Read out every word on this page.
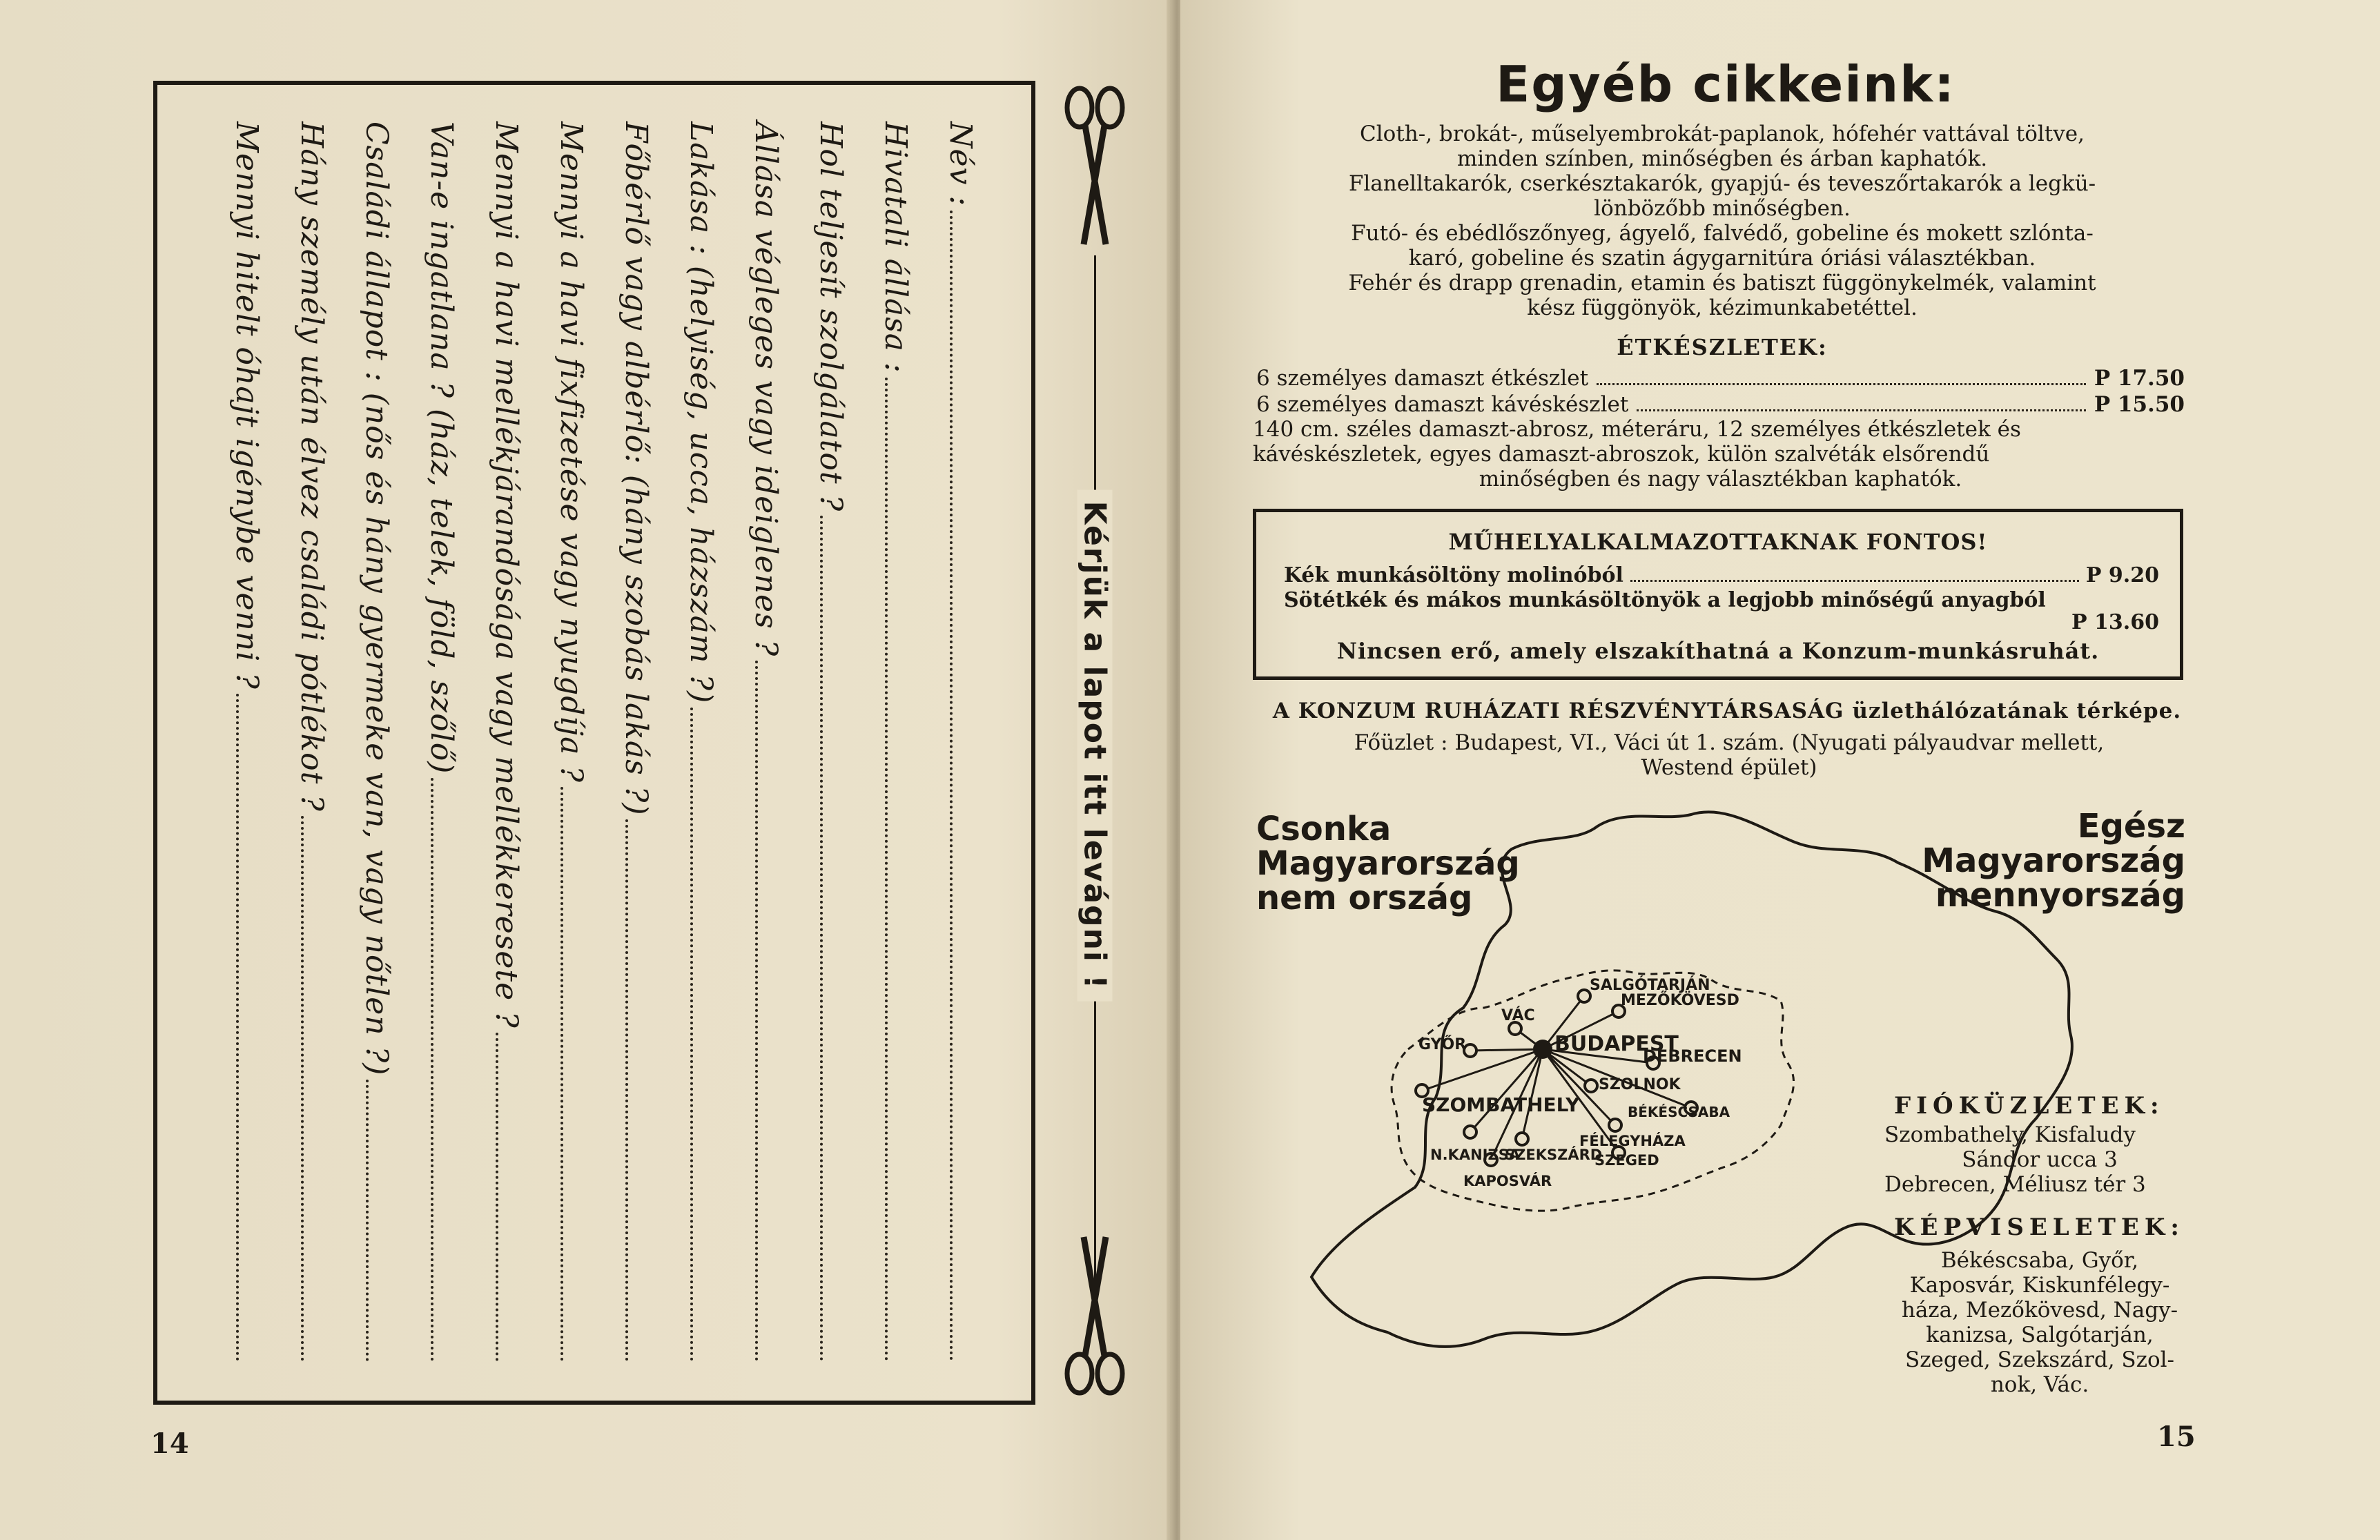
Név :
Hivatali állása :
Hol teljesít szolgálatot ?
Állása végleges vagy ideiglenes ?
Lakása : (helyiség, ucca, házszám ?)
Főbérlő vagy albérlő: (hány szobás lakás ?)
Mennyi a havi fixfizetése vagy nyugdíja ?
Mennyi a havi mellékjárandósága vagy mellékkeresete ?
Van-e ingatlana ? (ház, telek, föld, szőlő)
Családi állapot : (nős és hány gyermeke van, vagy nőtlen ?)
Hány személy után élvez családi pótlékot ?
Mennyi hitelt óhajt igénybe venni ?
Kérjük a lapot itt levágni !
14
Egyéb cikkeink:
Cloth-, brokát-, műselyembrokát-paplanok, hófehér vattával töltve,
minden színben, minőségben és árban kaphatók.
Flanelltakarók, cserkésztakarók, gyapjú- és teveszőrtakarók a legkü-
lönbözőbb minőségben.
Futó- és ebédlőszőnyeg, ágyelő, falvédő, gobeline és mokett szlónta-
karó, gobeline és szatin ágygarnitúra óriási választékban.
Fehér és drapp grenadin, etamin és batiszt függönykelmék, valamint
kész függönyök, kézimunkabetéttel.
ÉTKÉSZLETEK:
6 személyes damaszt étkészlet	P 17.50
6 személyes damaszt kávéskészlet	P 15.50
140 cm. széles damaszt-abrosz, méteráru, 12 személyes étkészletek és
kávéskészletek, egyes damaszt-abroszok, külön szalvéták elsőrendű
minőségben és nagy választékban kaphatók.
MŰHELYALKALMAZOTTAKNAK FONTOS!
Kék munkásöltöny molinóból	P 9.20
Sötétkék és mákos munkásöltönyök a legjobb minőségű anyagból
P 13.60
Nincsen erő, amely elszakíthatná a Konzum-munkásruhát.
A KONZUM RUHÁZATI RÉSZVÉNYTÁRSASÁG üzlethálózatának térképe.
Főüzlet : Budapest, VI., Váci út 1. szám. (Nyugati pályaudvar mellett,
Westend épület)
Csonka
Magyarország
nem ország
Egész
Magyarország
mennyország
SALGÓTARJÁN
MEZŐKÖVESD
VÁC
GYŐR	BUDAPEST
DEBRECEN
SZOLNOK
SZOMBATHELY	BÉKÉSCSABA
FÉLEGYHÁZA
SZEGED
N.KANIZSA
SZEKSZÁRD
KAPOSVÁR
FIÓKÜZLETEK:
Szombathely, Kisfaludy
Sándor ucca 3
Debrecen, Méliusz tér 3
KÉPVISELETEK:
Békéscsaba, Győr,
Kaposvár, Kiskunfélegy-
háza, Mezőkövesd, Nagy-
kanizsa, Salgótarján,
Szeged, Szekszárd, Szol-
nok, Vác.
15
